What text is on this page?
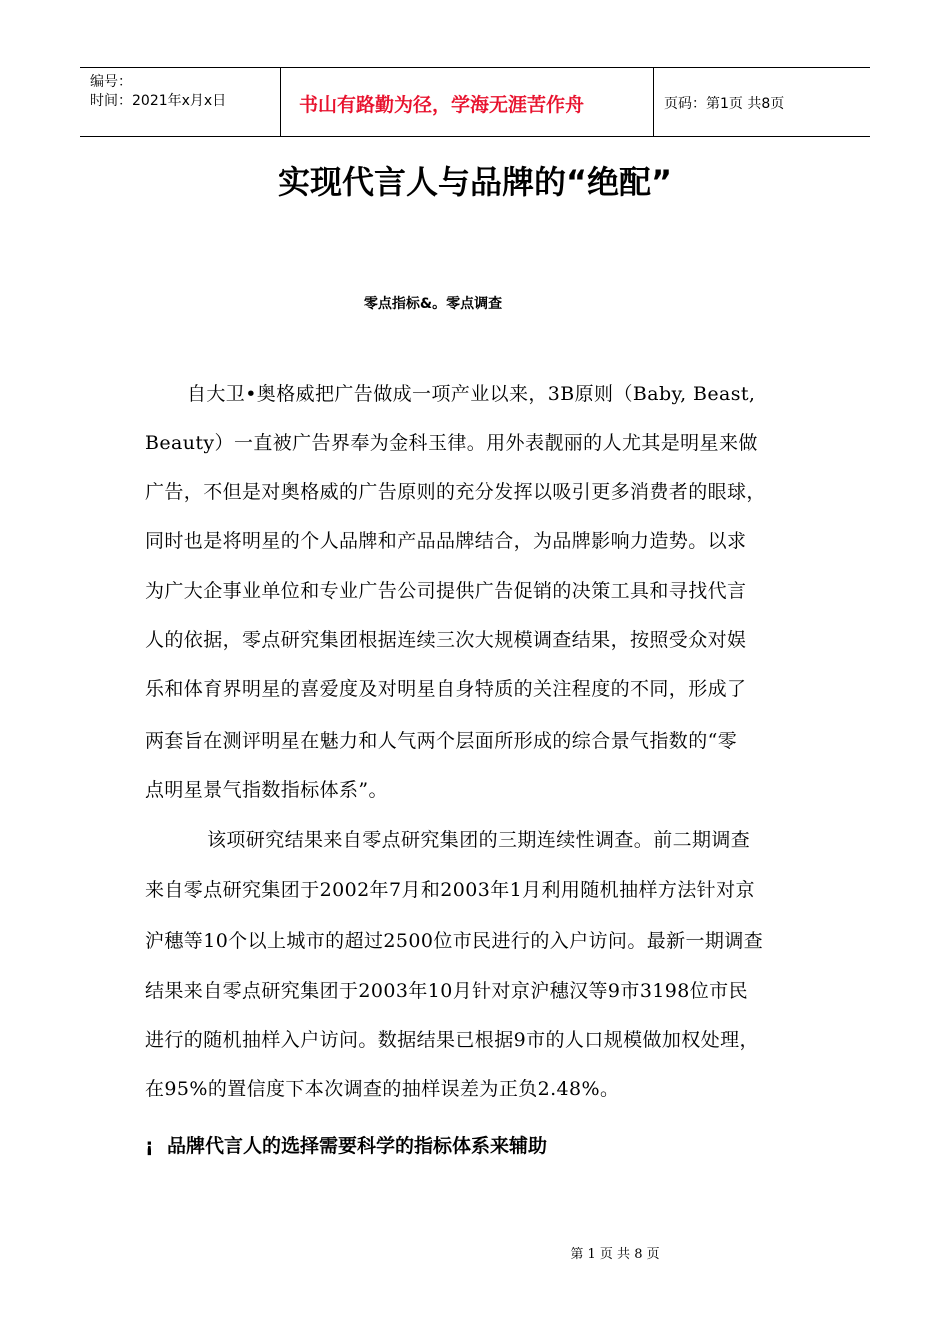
编号：
时间：2021年x月x日	书山有路勤为径，学海无涯苦作舟	页码：第1页 共8页
实现代言人与品牌的“绝配”
零点指标&。零点调查
自大卫•奥格威把广告做成一项产业以来，3B原则（Baby, Beast,
Beauty）一直被广告界奉为金科玉律。用外表靓丽的人尤其是明星来做
广告，不但是对奥格威的广告原则的充分发挥以吸引更多消费者的眼球，
同时也是将明星的个人品牌和产品品牌结合，为品牌影响力造势。以求
为广大企事业单位和专业广告公司提供广告促销的决策工具和寻找代言
人的依据，零点研究集团根据连续三次大规模调查结果，按照受众对娱
乐和体育界明星的喜爱度及对明星自身特质的关注程度的不同，形成了
两套旨在测评明星在魅力和人气两个层面所形成的综合景气指数的“零
点明星景气指数指标体系”。
该项研究结果来自零点研究集团的三期连续性调查。前二期调查
来自零点研究集团于2002年7月和2003年1月利用随机抽样方法针对京
沪穗等10个以上城市的超过2500位市民进行的入户访问。最新一期调查
结果来自零点研究集团于2003年10月针对京沪穗汉等9市3198位市民
进行的随机抽样入户访问。数据结果已根据9市的人口规模做加权处理，
在95%的置信度下本次调查的抽样误差为正负2.48%。
¡ 品牌代言人的选择需要科学的指标体系来辅助
第 1 页 共 8 页
